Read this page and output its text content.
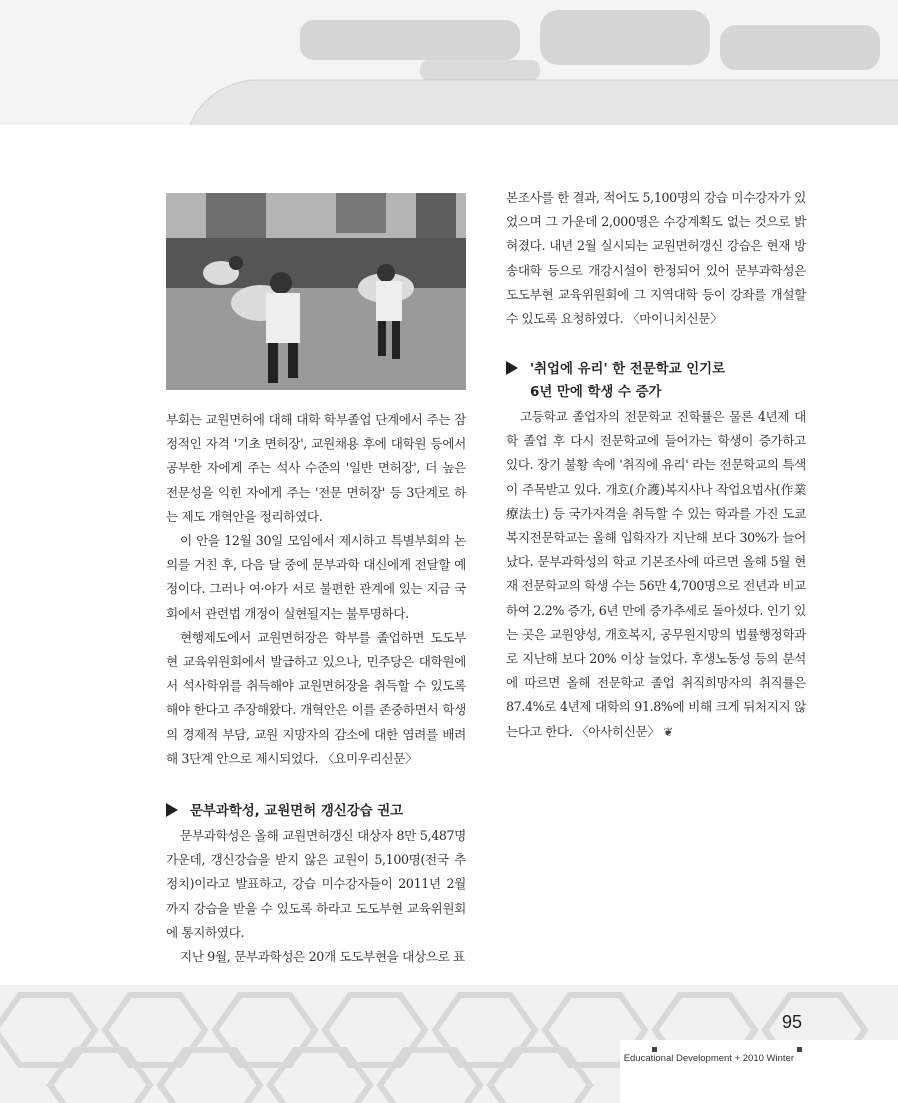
부회는 교원면허에 대해 대학 학부졸업 단계에서 주는 잠정적인 자격 '기초 면허장', 교원채용 후에 대학원 등에서 공부한 자에게 주는 석사 수준의 '일반 면허장', 더 높은 전문성을 익힌 자에게 주는 '전문 면허장' 등 3단계로 하는 제도 개혁안을 정리하였다.

이 안을 12월 30일 모임에서 제시하고 특별부회의 논의를 거친 후, 다음 달 중에 문부과학 대신에게 전달할 예정이다. 그러나 여·야가 서로 불편한 관계에 있는 지금 국회에서 관련법 개정이 실현될지는 불투명하다.

현행제도에서 교원면허장은 학부를 졸업하면 도도부현 교육위원회에서 발급하고 있으나, 민주당은 대학원에서 석사학위를 취득해야 교원면허장을 취득할 수 있도록 해야 한다고 주장해왔다. 개혁안은 이를 존중하면서 학생의 경제적 부담, 교원 지망자의 감소에 대한 염려를 배려해 3단계 안으로 제시되었다. 〈요미우리신문〉

문부과학성, 교원면허 갱신강습 권고

문부과학성은 올해 교원면허갱신 대상자 8만 5,487명 가운데, 갱신강습을 받지 않은 교원이 5,100명(전국 추정치)이라고 발표하고, 강습 미수강자들이 2011년 2월까지 강습을 받을 수 있도록 하라고 도도부현 교육위원회에 통지하였다.

지난 9월, 문부과학성은 20개 도도부현을 대상으로 표

본조사를 한 결과, 적어도 5,100명의 강습 미수강자가 있었으며 그 가운데 2,000명은 수강계획도 없는 것으로 밝혀졌다. 내년 2월 실시되는 교원면허갱신 강습은 현재 방송대학 등으로 개강시설이 한정되어 있어 문부과학성은 도도부현 교육위원회에 그 지역대학 등이 강좌를 개설할 수 있도록 요청하였다. 〈마이니치신문〉

'취업에 유리' 한 전문학교 인기로
6년 만에 학생 수 증가

고등학교 졸업자의 전문학교 진학률은 물론 4년제 대학 졸업 후 다시 전문학교에 들어가는 학생이 증가하고 있다. 장기 불황 속에 '취직에 유리' 라는 전문학교의 특색이 주목받고 있다. 개호(介護)복지사나 작업요법사(作業療法士) 등 국가자격을 취득할 수 있는 학과를 가진 도쿄복지전문학교는 올해 입학자가 지난해 보다 30%가 늘어났다. 문부과학성의 학교 기본조사에 따르면 올해 5월 현재 전문학교의 학생 수는 56만 4,700명으로 전년과 비교하여 2.2% 증가, 6년 만에 증가추세로 돌아섰다. 인기 있는 곳은 교원양성, 개호복지, 공무원지망의 법률행정학과로 지난해 보다 20% 이상 늘었다. 후생노동성 등의 분석에 따르면 올해 전문학교 졸업 취직희망자의 취직률은 87.4%로 4년제 대학의 91.8%에 비해 크게 뒤처지지 않는다고 한다. 〈아사히신문〉 ❦

95
Educational Development + 2010 Winter
